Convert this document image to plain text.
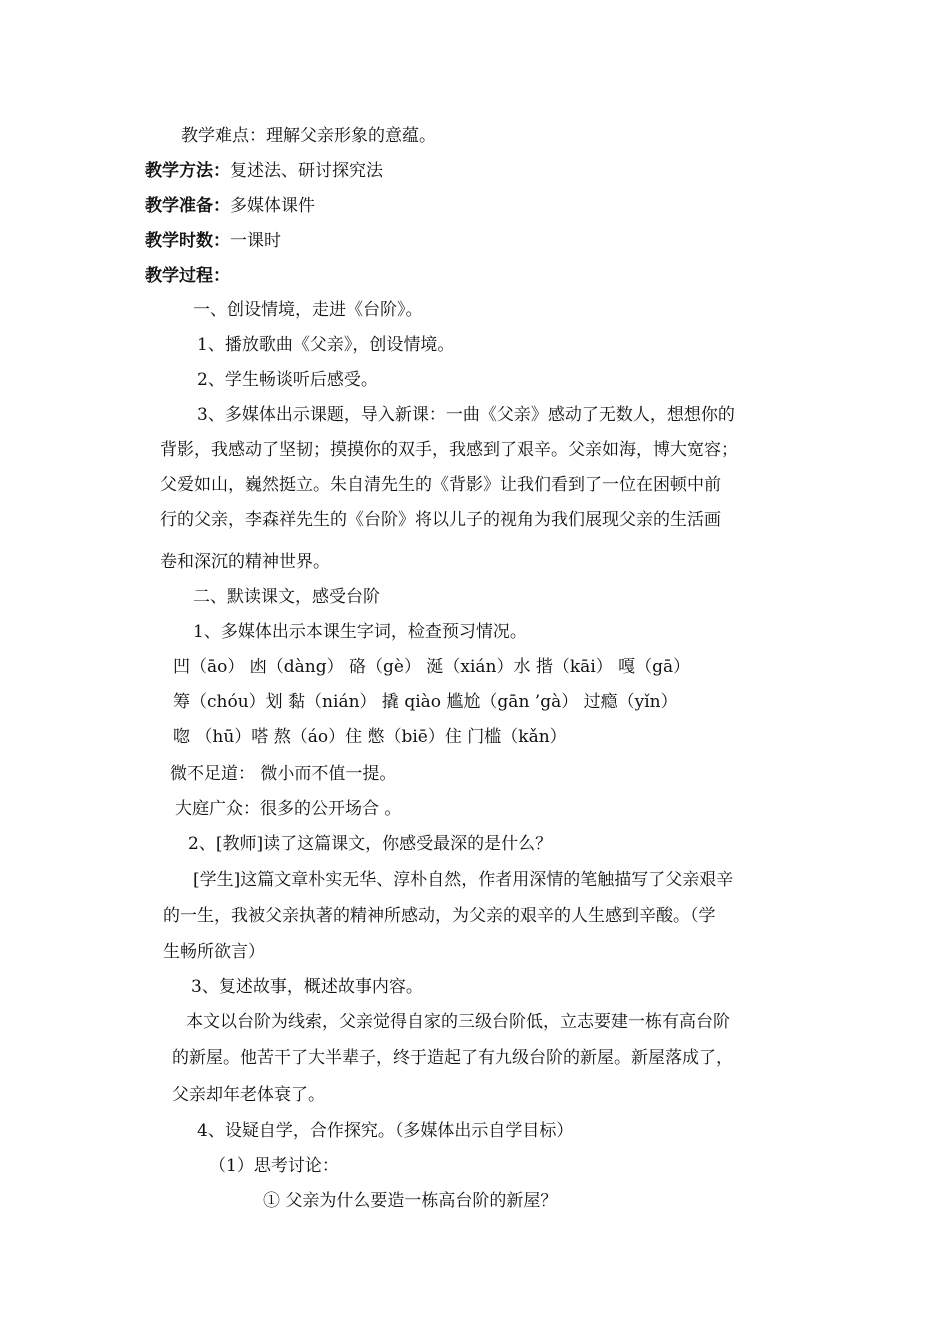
教学难点：理解父亲形象的意蕴。
教学方法：复述法、研讨探究法
教学准备：多媒体课件
教学时数：一课时
教学过程：
一、创设情境，走进《台阶》。
1、播放歌曲《父亲》，创设情境。
2、学生畅谈听后感受。
3、多媒体出示课题，导入新课：一曲《父亲》感动了无数人，想想你的
背影，我感动了坚韧；摸摸你的双手，我感到了艰辛。父亲如海，博大宽容；
父爱如山，巍然挺立。朱自清先生的《背影》让我们看到了一位在困顿中前
行的父亲，李森祥先生的《台阶》将以儿子的视角为我们展现父亲的生活画
卷和深沉的精神世界。
二、默读课文，感受台阶
1、多媒体出示本课生字词，检查预习情况。
凹（āo） 凼（dàng） 硌（gè） 涎（xián）水 揩（kāi） 嘎（gā）
筹（chóu）划 黏（nián） 撬 qiào 尴尬（gān ’gà） 过瘾（yǐn）
唿 （hū）嗒 熬（áo）住 憋（biē）住 门槛（kǎn）
微不足道： 微小而不值一提。
大庭广众：很多的公开场合 。
2、[教师]读了这篇课文，你感受最深的是什么？
[学生]这篇文章朴实无华、淳朴自然，作者用深情的笔触描写了父亲艰辛
的一生，我被父亲执著的精神所感动，为父亲的艰辛的人生感到辛酸。（学
生畅所欲言）
3、复述故事，概述故事内容。
本文以台阶为线索，父亲觉得自家的三级台阶低，立志要建一栋有高台阶
的新屋。他苦干了大半辈子，终于造起了有九级台阶的新屋。新屋落成了，
父亲却年老体衰了。
4、设疑自学，合作探究。（多媒体出示自学目标）
（1）思考讨论：
① 父亲为什么要造一栋高台阶的新屋？
